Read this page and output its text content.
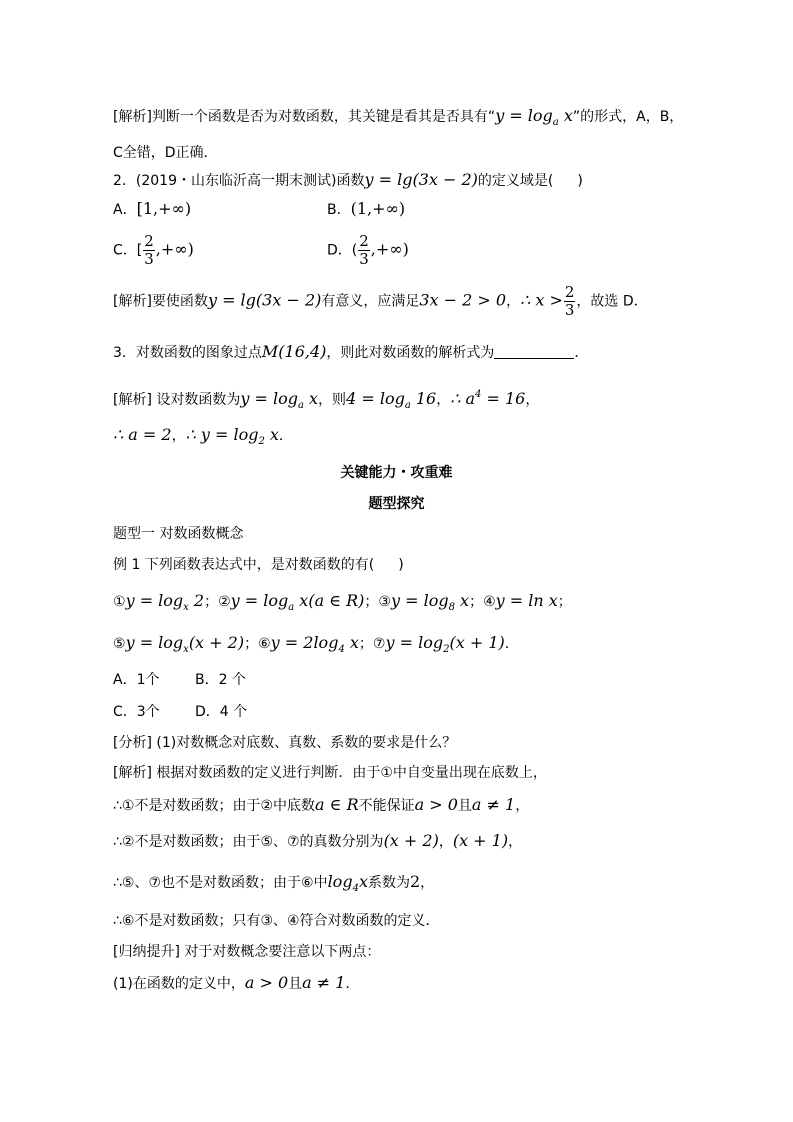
[解析]判断一个函数是否为对数函数，其关键是看其是否具有“$y = \log_a x$”的形式，A，B，
C全错，D正确．
2．(2019・山东临沂高一期末测试)函数y = lg(3x − 2)的定义域是( )
A．[1,+∞)	B．(1,+∞)
C．[ $\frac{2}{3}$ ,+∞)	D．( $\frac{2}{3}$ ,+∞)
[解析]要使函数y = lg(3x − 2)有意义，应满足3x − 2 > 0，∴ $x > \frac{2}{3}$ ，故选 D．
3．对数函数的图象过点M(16,4)，则此对数函数的解析式为	．
[解析] 设对数函数为$y = \log_a x$，则$4 = \log_a 16$，∴ $a^4 = 16$，
∴ a = 2，∴ $y = \log_2 x$．
关键能力・攻重难
题型探究
题型一 对数函数概念
例 1 下列函数表达式中，是对数函数的有( )
①y = $\log_x 2$；②y = $\log_a x(a$ ∈ R)；③y = $\log_8 x$；④y = ln x；
⑤y = $\log_x(x + 2)$；⑥y = $2\log_4$ x；⑦y = $\log_2(x + 1)$．
A．1个	B．2 个
C．3个	D．4 个
[分析] (1)对数概念对底数、真数、系数的要求是什么？
[解析] 根据对数函数的定义进行判断．由于①中自变量出现在底数上，
∴①不是对数函数；由于②中底数a ∈ R不能保证a > 0且a ≠ 1，
∴②不是对数函数；由于⑤、⑦的真数分别为(x + 2)，(x + 1)，
∴⑤、⑦也不是对数函数；由于⑥中$\log_4x$系数为2，
∴⑥不是对数函数；只有③、④符合对数函数的定义．
[归纳提升] 对于对数概念要注意以下两点：
(1)在函数的定义中，a > 0且a ≠ 1．
